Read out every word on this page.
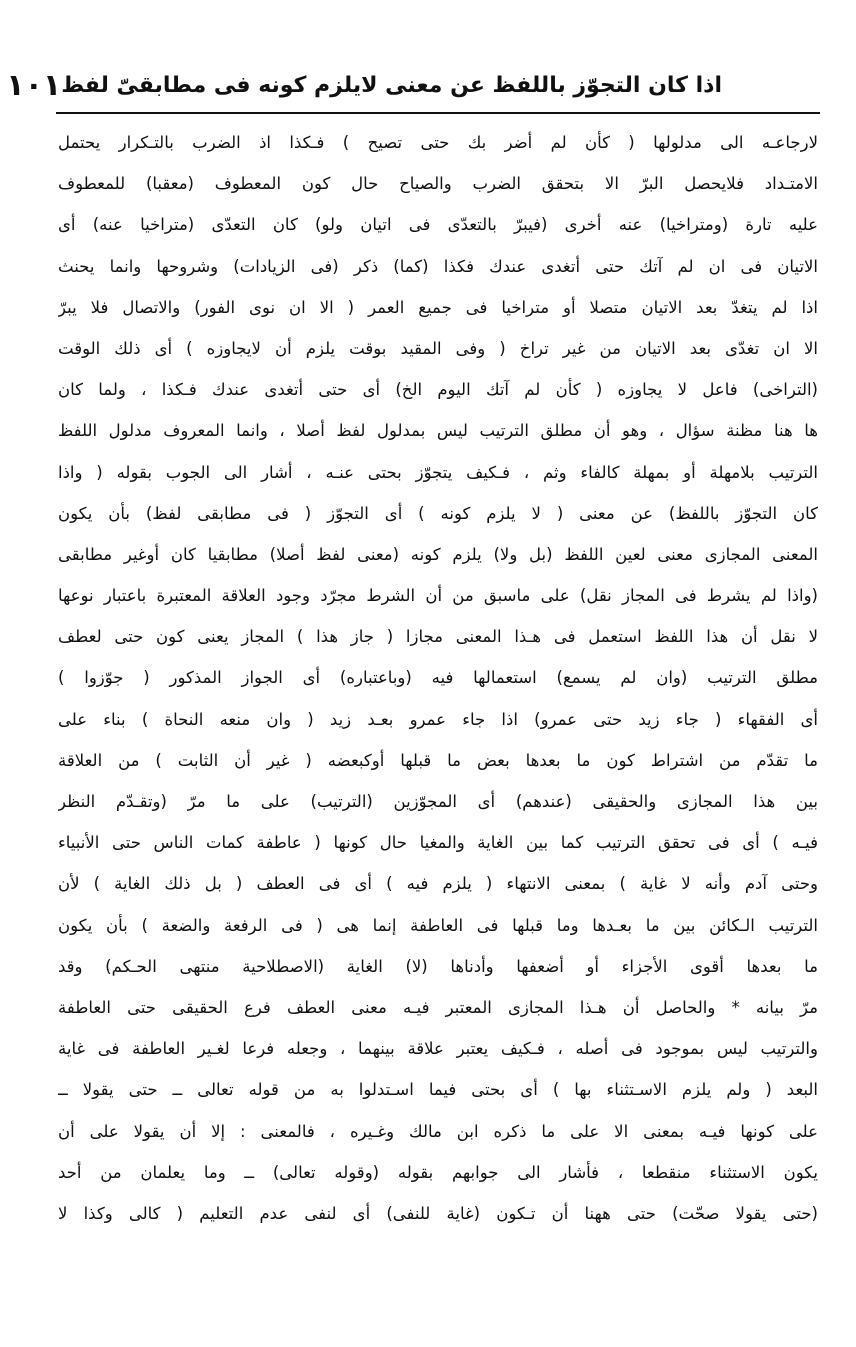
اذا كان التجوّز باللفظ عن معنى لايلزم كونه فى مطابقىّ لفظ
١٠١
لارجاعـه الى مدلولها ( كأن لم أضر بك حتى تصيح ) فـكذا اذ الضرب بالتـكرار يحتمل
الامتـداد فلايحصل البرّ الا بتحقق الضرب والصياح حال كون المعطوف (معقبا) للمعطوف
عليه تارة (ومتراخيا) عنه أخرى (فيبرّ بالتعدّى فى اتيان ولو) كان التعدّى (متراخيا عنه) أى
الاتيان فى ان لم آتك حتى أتغدى عندك فكذا (كما) ذكر (فى الزيادات) وشروحها وانما يحنث
اذا لم يتغدّ بعد الاتيان متصلا أو متراخيا فى جميع العمر ( الا ان نوى الفور) والاتصال فلا يبرّ
الا ان تغدّى بعد الاتيان من غير تراخ ( وفى المقيد بوقت يلزم أن لايجاوزه ) أى ذلك الوقت
(التراخى) فاعل لا يجاوزه ( كأن لم آتك اليوم الخ) أى حتى أتغدى عندك فـكذا ، ولما كان
ها هنا مظنة سؤال ، وهو أن مطلق الترتيب ليس بمدلول لفظ أصلا ، وانما المعروف مدلول اللفظ
الترتيب بلامهلة أو بمهلة كالفاء وثم ، فـكيف يتجوّز بحتى عنـه ، أشار الى الجوب بقوله ( واذا
كان التجوّز باللفظ) عن معنى ( لا يلزم كونه ) أى التجوّز ( فى مطابقى لفظ) بأن يكون
المعنى المجازى معنى لعين اللفظ (بل ولا) يلزم كونه (معنى لفظ أصلا) مطابقيا كان أوغير مطابقى
(واذا لم يشرط فى المجاز نقل) على ماسبق من أن الشرط مجرّد وجود العلاقة المعتبرة باعتبار نوعها
لا نقل أن هذا اللفظ استعمل فى هـذا المعنى مجازا ( جاز هذا ) المجاز يعنى كون حتى لعطف
مطلق الترتيب (وان لم يسمع) استعمالها فيه (وباعتباره) أى الجواز المذكور ( جوّزوا )
أى الفقهاء ( جاء زيد حتى عمرو) اذا جاء عمرو بعـد زيد ( وان منعه النحاة ) بناء على
ما تقدّم من اشتراط كون ما بعدها بعض ما قبلها أوكبعضه ( غير أن الثابت ) من العلاقة
بين هذا المجازى والحقيقى (عندهم) أى المجوّزين (الترتيب) على ما مرّ (وتقـدّم النظر
فيـه ) أى فى تحقق الترتيب كما بين الغاية والمغيا حال كونها ( عاطفة كمات الناس حتى الأنبياء
وحتى آدم وأنه لا غاية ) بمعنى الانتهاء ( يلزم فيه ) أى فى العطف ( بل ذلك الغاية ) لأن
الترتيب الـكائن بين ما بعـدها وما قبلها فى العاطفة إنما هى ( فى الرفعة والضعة ) بأن يكون
ما بعدها أقوى الأجزاء أو أضعفها وأدناها (لا) الغاية (الاصطلاحية منتهى الحـكم) وقد
مرّ بيانه * والحاصل أن هـذا المجازى المعتبر فيـه معنى العطف فرع الحقيقى حتى العاطفة
والترتيب ليس بموجود فى أصله ، فـكيف يعتبر علاقة بينهما ، وجعله فرعا لغـير العاطفة فى غاية
البعد ( ولم يلزم الاسـتثناء بها ) أى بحتى فيما اسـتدلوا به من قوله تعالى ــ حتى يقولا ــ
على كونها فيـه بمعنى الا على ما ذكره ابن مالك وغـيره ، فالمعنى : إلا أن يقولا على أن
يكون الاستثناء منقطعا ، فأشار الى جوابهم بقوله (وقوله تعالى) ــ وما يعلمان من أحد
(حتى يقولا صحّت) حتى ههنا أن تـكون (غاية للنفى) أى لنفى عدم التعليم ( كالى وكذا لا
